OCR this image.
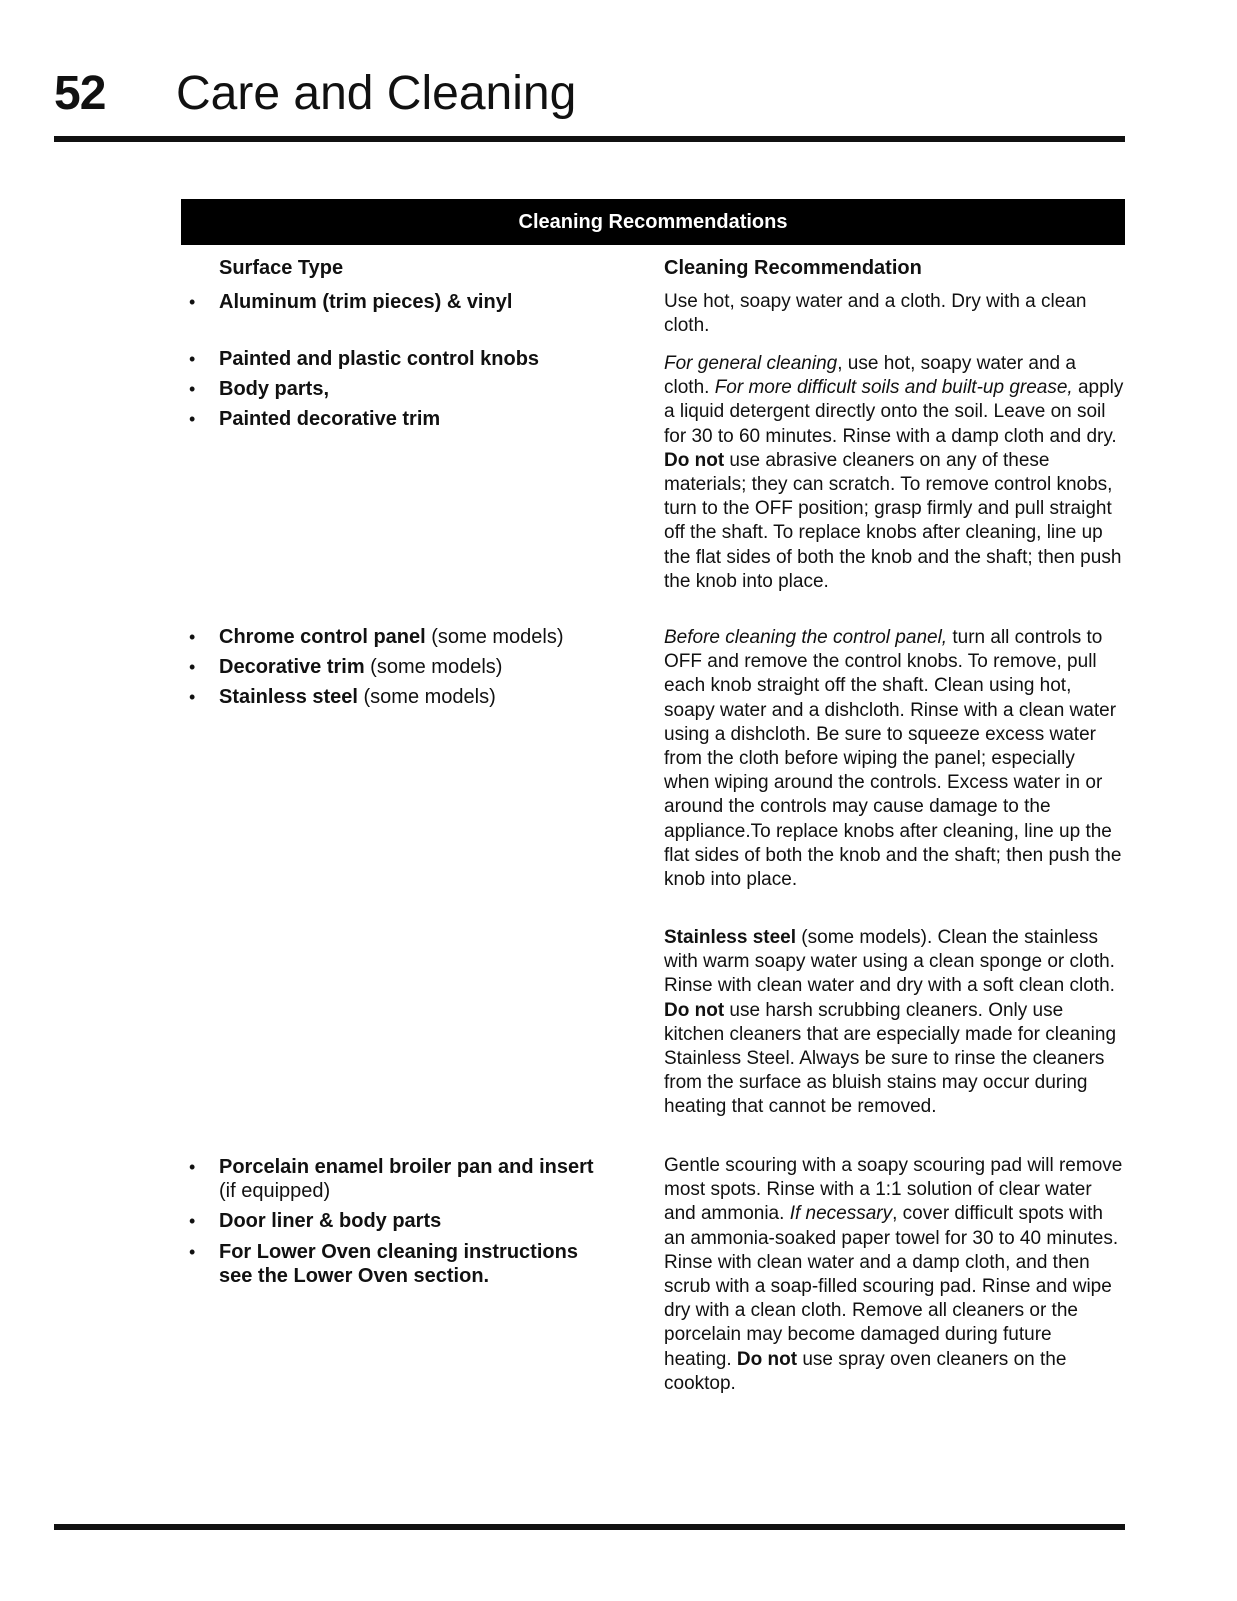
52 Care and Cleaning
Cleaning Recommendations
Surface Type	Cleaning Recommendation
• Aluminum (trim pieces) & vinyl	Use hot, soapy water and a cloth. Dry with a clean cloth.

• Painted and plastic control knobs
• Body parts,
• Painted decorative trim

For general cleaning, use hot, soapy water and a cloth. For more difficult soils and built-up grease, apply a liquid detergent directly onto the soil. Leave on soil for 30 to 60 minutes. Rinse with a damp cloth and dry. Do not use abrasive cleaners on any of these materials; they can scratch. To remove control knobs, turn to the OFF position; grasp firmly and pull straight off the shaft. To replace knobs after cleaning, line up the flat sides of both the knob and the shaft; then push the knob into place.

• Chrome control panel (some models)
• Decorative trim (some models)
• Stainless steel (some models)

Before cleaning the control panel, turn all controls to OFF and remove the control knobs. To remove, pull each knob straight off the shaft. Clean using hot, soapy water and a dishcloth. Rinse with a clean water using a dishcloth. Be sure to squeeze excess water from the cloth before wiping the panel; especially when wiping around the controls. Excess water in or around the controls may cause damage to the appliance.To replace knobs after cleaning, line up the flat sides of both the knob and the shaft; then push the knob into place.

Stainless steel (some models). Clean the stainless with warm soapy water using a clean sponge or cloth. Rinse with clean water and dry with a soft clean cloth. Do not use harsh scrubbing cleaners. Only use kitchen cleaners that are especially made for cleaning Stainless Steel. Always be sure to rinse the cleaners from the surface as bluish stains may occur during heating that cannot be removed.

• Porcelain enamel broiler pan and insert (if equipped)
• Door liner & body parts
• For Lower Oven cleaning instructions see the Lower Oven section.

Gentle scouring with a soapy scouring pad will remove most spots. Rinse with a 1:1 solution of clear water and ammonia. If necessary, cover difficult spots with an ammonia-soaked paper towel for 30 to 40 minutes. Rinse with clean water and a damp cloth, and then scrub with a soap-filled scouring pad. Rinse and wipe dry with a clean cloth. Remove all cleaners or the porcelain may become damaged during future heating. Do not use spray oven cleaners on the cooktop.
